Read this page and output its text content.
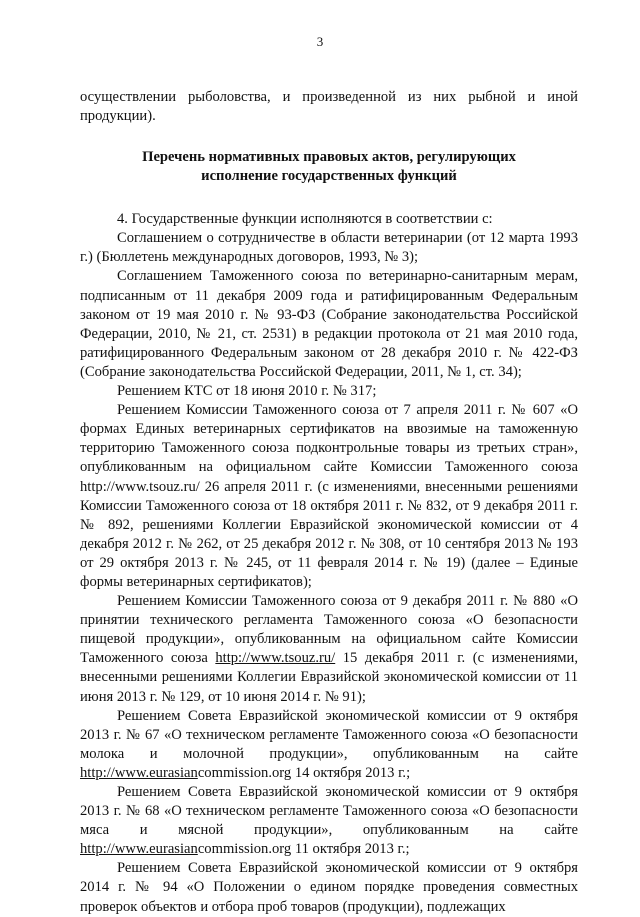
3

осуществлении рыболовства, и произведенной из них рыбной и иной продукции).

Перечень нормативных правовых актов, регулирующих
исполнение государственных функций

4. Государственные функции исполняются в соответствии с:

Соглашением о сотрудничестве в области ветеринарии (от 12 марта 1993 г.) (Бюллетень международных договоров, 1993, № 3);

Соглашением Таможенного союза по ветеринарно-санитарным мерам, подписанным от 11 декабря 2009 года и ратифицированным Федеральным законом от 19 мая 2010 г. № 93-ФЗ (Собрание законодательства Российской Федерации, 2010, № 21, ст. 2531) в редакции протокола от 21 мая 2010 года, ратифицированного Федеральным законом от 28 декабря 2010 г. № 422-ФЗ (Собрание законодательства Российской Федерации, 2011, № 1, ст. 34);

Решением КТС от 18 июня 2010 г. № 317;

Решением Комиссии Таможенного союза от 7 апреля 2011 г. № 607 «О формах Единых ветеринарных сертификатов на ввозимые на таможенную территорию Таможенного союза подконтрольные товары из третьих стран», опубликованным на официальном сайте Комиссии Таможенного союза http://www.tsouz.ru/ 26 апреля 2011 г. (с изменениями, внесенными решениями Комиссии Таможенного союза от 18 октября 2011 г. № 832, от 9 декабря 2011 г. № 892, решениями Коллегии Евразийской экономической комиссии от 4 декабря 2012 г. № 262, от 25 декабря 2012 г. № 308, от 10 сентября 2013 № 193 от 29 октября 2013 г. № 245, от 11 февраля 2014 г. № 19) (далее – Единые формы ветеринарных сертификатов);

Решением Комиссии Таможенного союза от 9 декабря 2011 г. № 880 «О принятии технического регламента Таможенного союза «О безопасности пищевой продукции», опубликованным на официальном сайте Комиссии Таможенного союза http://www.tsouz.ru/ 15 декабря 2011 г. (с изменениями, внесенными решениями Коллегии Евразийской экономической комиссии от 11 июня 2013 г. № 129, от 10 июня 2014 г. № 91);

Решением Совета Евразийской экономической комиссии от 9 октября 2013 г. № 67 «О техническом регламенте Таможенного союза «О безопасности молока и молочной продукции», опубликованным на сайте http://www.eurasiancommission.org 14 октября 2013 г.;

Решением Совета Евразийской экономической комиссии от 9 октября 2013 г. № 68 «О техническом регламенте Таможенного союза «О безопасности мяса и мясной продукции», опубликованным на сайте http://www.eurasiancommission.org 11 октября 2013 г.;

Решением Совета Евразийской экономической комиссии от 9 октября 2014 г. № 94 «О Положении о едином порядке проведения совместных проверок объектов и отбора проб товаров (продукции), подлежащих
